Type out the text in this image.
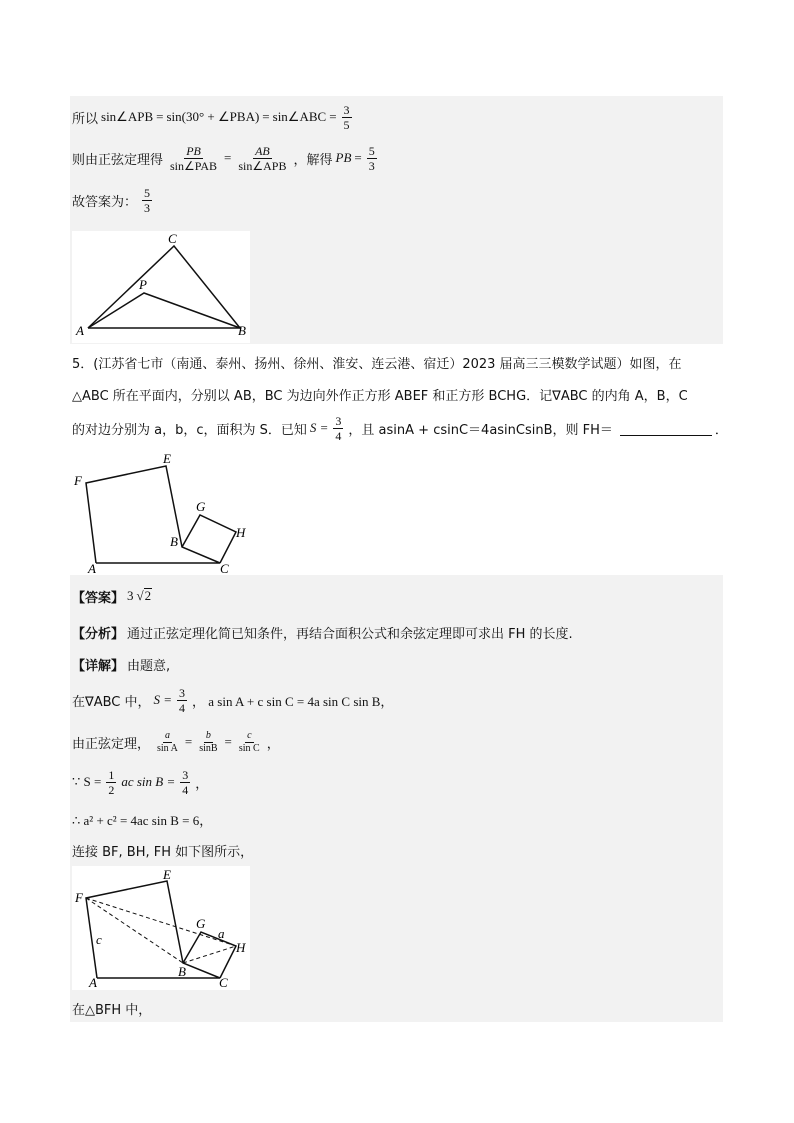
所以 sin∠APB = sin(30° + ∠PBA) = sin∠ABC = $\frac{3}{5}$
则由正弦定理得 $\frac{PB}{\text{sin∠PAB}} = \frac{AB}{\text{sin∠APB}}$ ，解得 PB = $\frac{5}{3}$
故答案为： $\frac{5}{3}$
C
P
A	B
5．(江苏省七市（南通、泰州、扬州、徐州、淮安、连云港、宿迁）2023 届高三三模数学试题）如图，在
△ABC 所在平面内，分别以 AB，BC 为边向外作正方形 ABEF 和正方形 BCHG．记∇ABC 的内角 A，B，C
的对边分别为 a，b，c，面积为 S．已知 $S = \frac{3}{4}$ ，且 asinA + csinC＝4asinCsinB，则 FH＝	．
E
F
G
H
B
A	C
【答案】 3 √ 2
【分析】 通过正弦定理化简已知条件，再结合面积公式和余弦定理即可求出 FH 的长度.
【详解】 由题意,
在∇ABC 中， $S = \frac{3}{4}$ ， a sin A + c sin C = 4a sin C sin B，
由正弦定理， $\frac{a}{\text{sin A}} = \frac{b}{\sin B} = \frac{c}{\text{sin C}}$ ，
∵ $S = \frac{1}{2}$ ac $\sin B = \frac{3}{4}$ ，
∴ a² + c² = 4ac sin B = 6，
连接 BF, BH, FH 如下图所示，
F
E
G
a
H
c
B
A	C
在△BFH 中，
